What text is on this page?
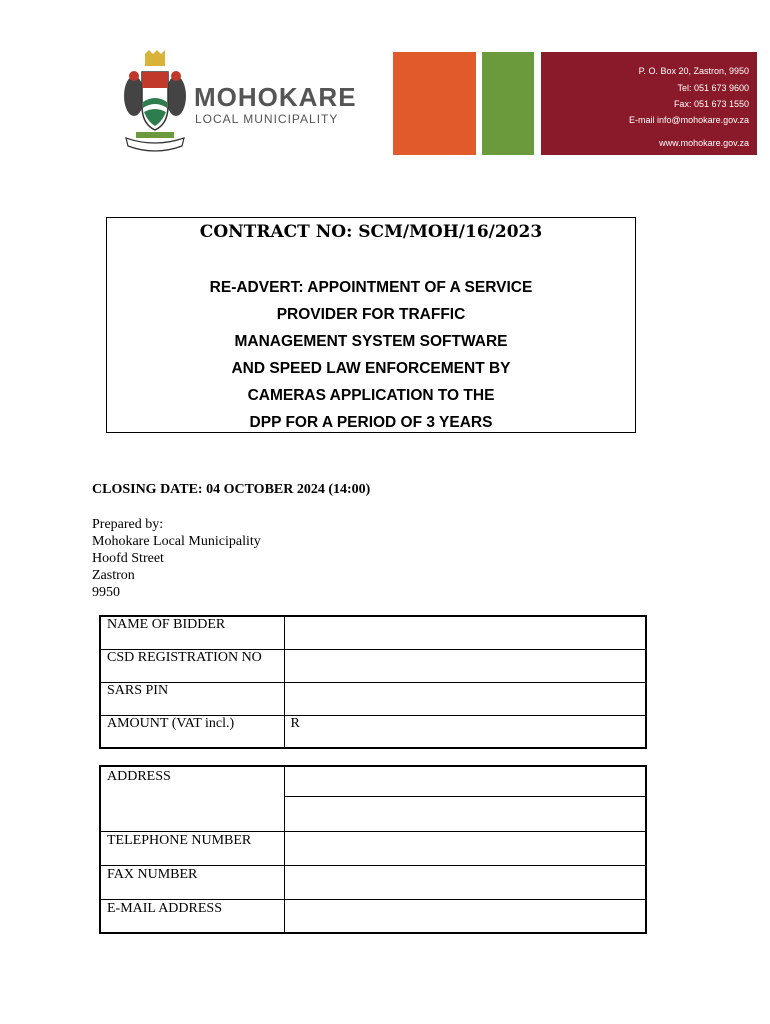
MOHOKARE
LOCAL MUNICIPALITY
P. O. Box 20, Zastron, 9950
Tel: 051 673 9600
Fax: 051 673 1550
E-mail info@mohokare.gov.za
www.mohokare.gov.za
CONTRACT NO: SCM/MOH/16/2023
RE-ADVERT: APPOINTMENT OF A SERVICE
PROVIDER FOR TRAFFIC
MANAGEMENT SYSTEM SOFTWARE
AND SPEED LAW ENFORCEMENT BY
CAMERAS APPLICATION TO THE
DPP FOR A PERIOD OF 3 YEARS
CLOSING DATE: 04 OCTOBER 2024 (14:00)
Prepared by:
Mohokare Local Municipality
Hoofd Street
Zastron
9950
NAME OF BIDDER	
CSD REGISTRATION NO	
SARS PIN	
AMOUNT (VAT incl.)	R
ADDRESS	

TELEPHONE NUMBER	
FAX NUMBER	
E-MAIL ADDRESS	
